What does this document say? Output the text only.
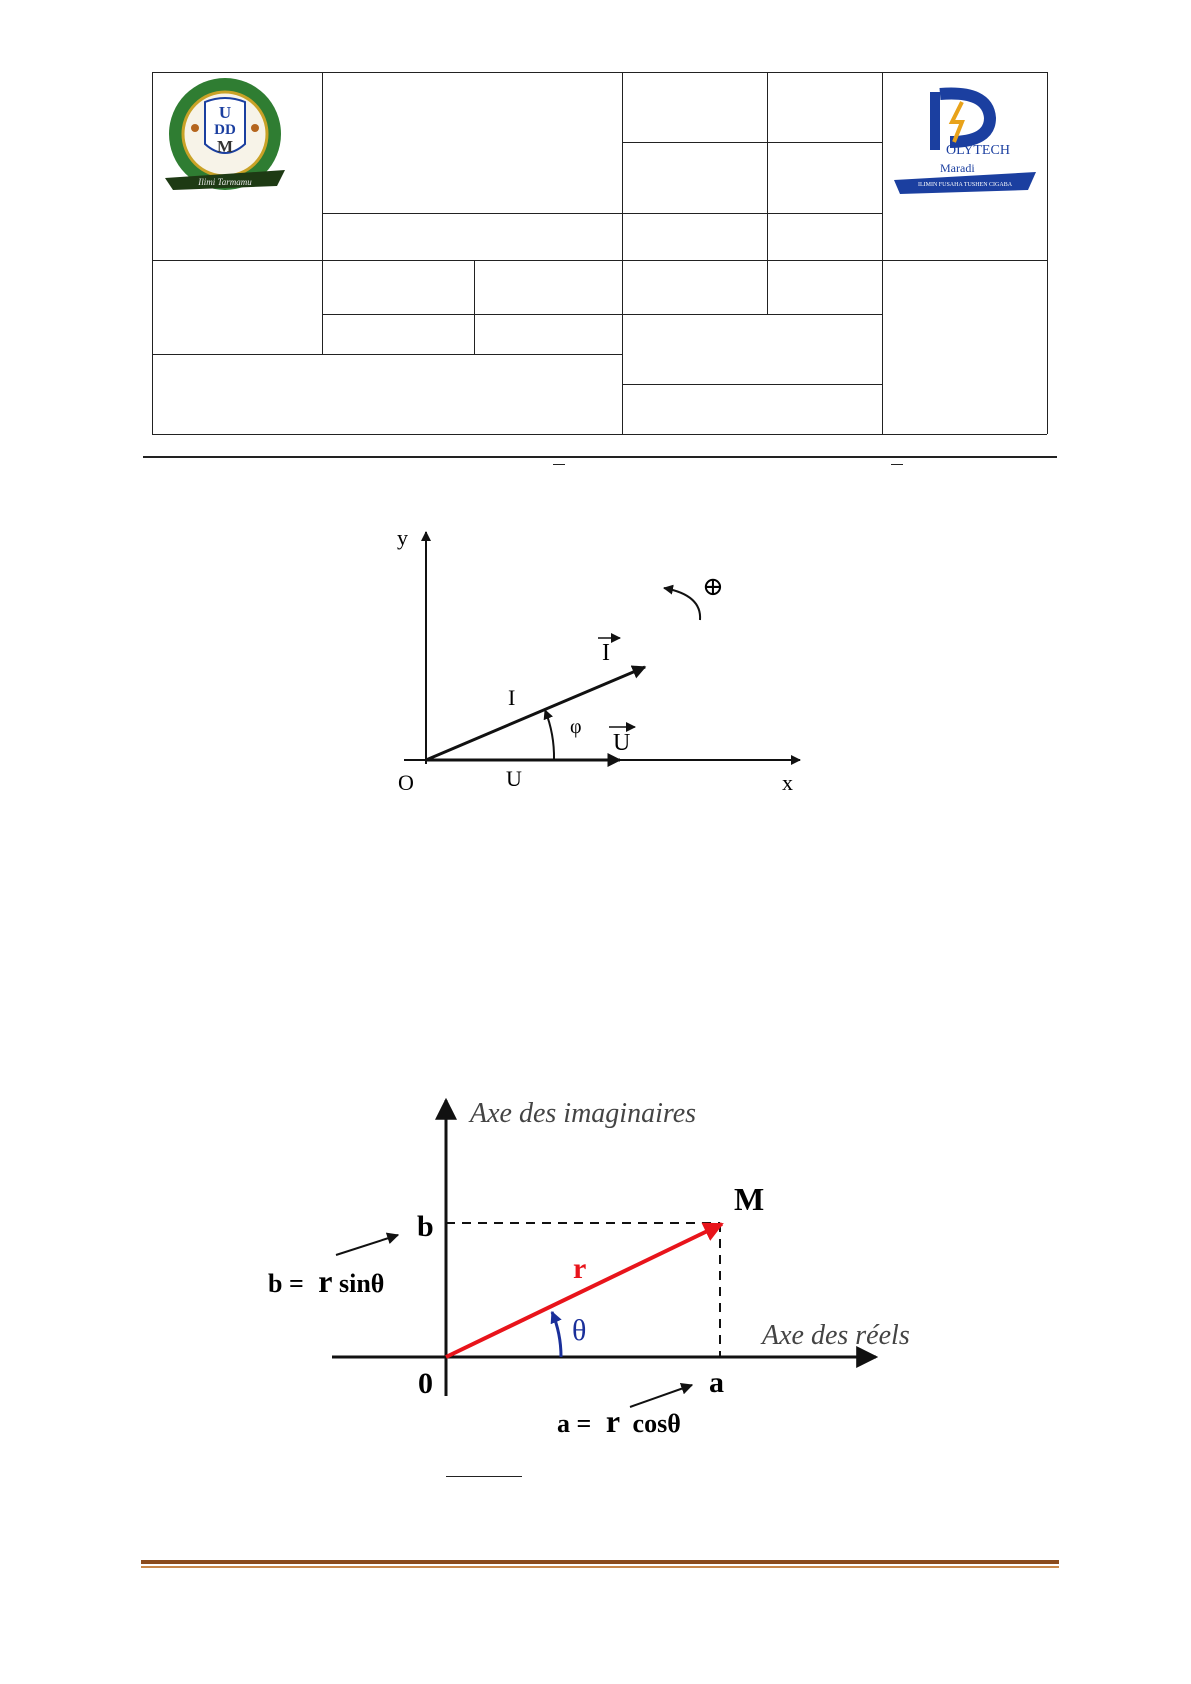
U
DD
M
Ilimi Tarmamu
OLYTECH
Maradi
ILIMIN FUSAHA TUSHEN CIGABA
y
x
O
I
U
I
U
φ
⊕
Axe des imaginaires
Axe des réels
M
b
a
0
r
θ
b = r sinθ
a = r cosθ
